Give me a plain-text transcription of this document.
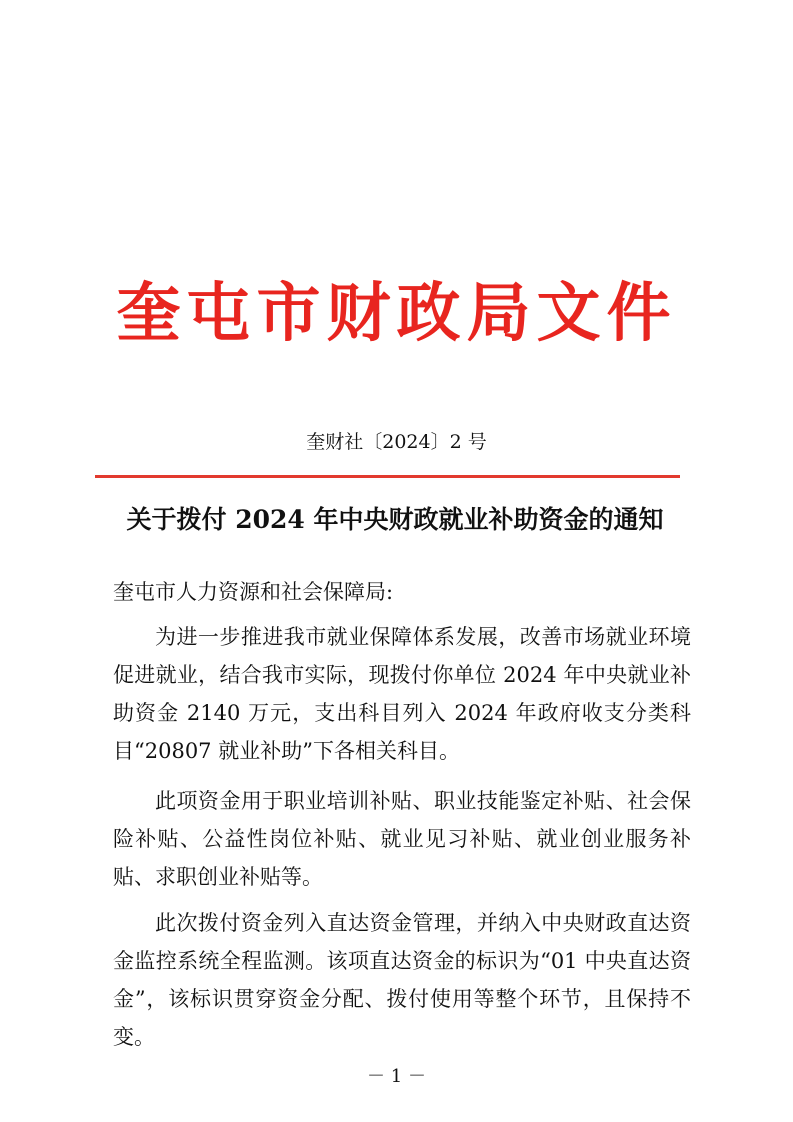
奎屯市财政局文件
奎财社〔2024〕2 号
关于拨付 2024 年中央财政就业补助资金的通知
奎屯市人力资源和社会保障局:
为进一步推进我市就业保障体系发展，改善市场就业环境促进就业，结合我市实际，现拨付你单位 2024 年中央就业补助资金 2140 万元，支出科目列入 2024 年政府收支分类科目“20807 就业补助”下各相关科目。
此项资金用于职业培训补贴、职业技能鉴定补贴、社会保险补贴、公益性岗位补贴、就业见习补贴、就业创业服务补贴、求职创业补贴等。
此次拨付资金列入直达资金管理，并纳入中央财政直达资金监控系统全程监测。该项直达资金的标识为“01 中央直达资金”，该标识贯穿资金分配、拨付使用等整个环节，且保持不变。
－ 1 －
